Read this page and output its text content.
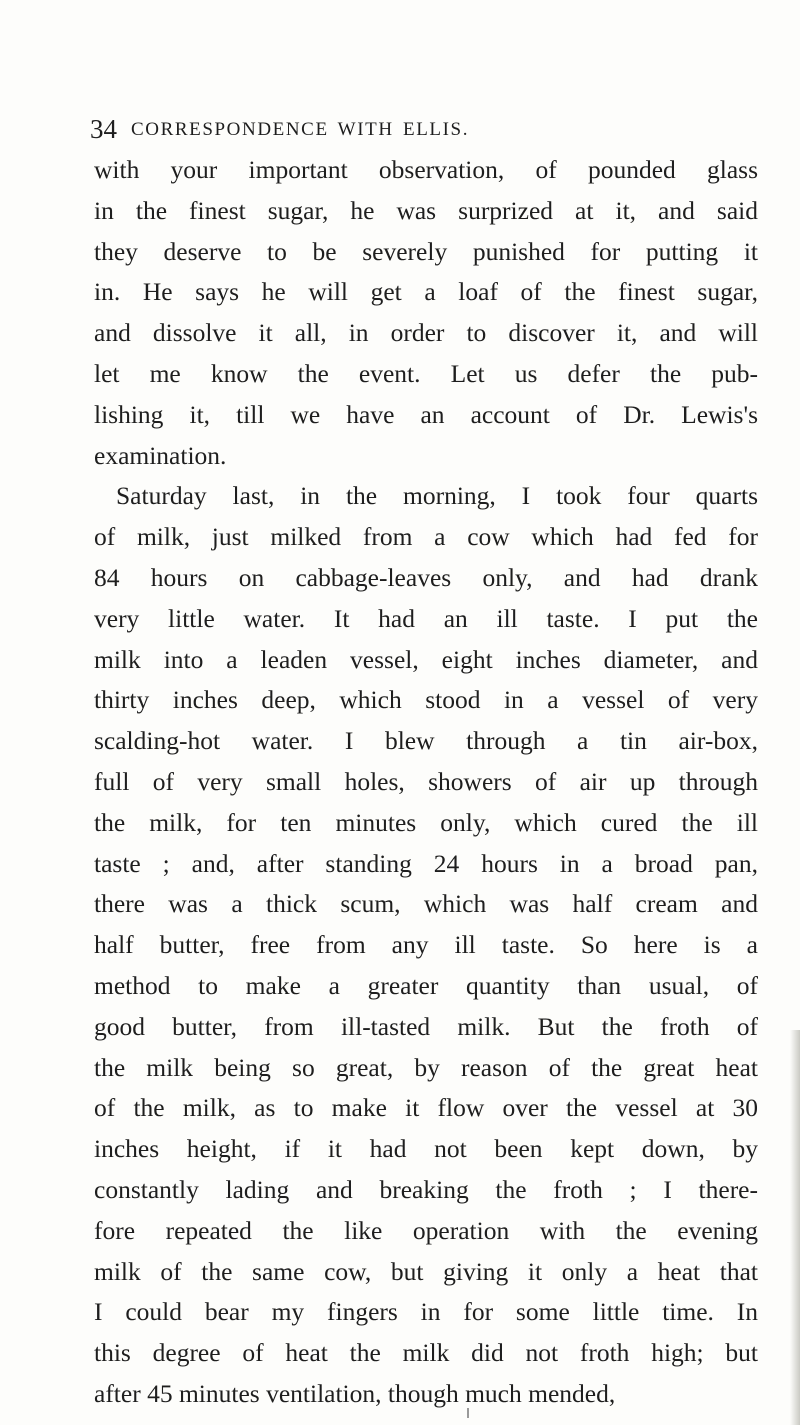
34 CORRESPONDENCE WITH ELLIS.
with your important observation, of pounded glass
in the finest sugar, he was surprized at it, and said
they deserve to be severely punished for putting it
in. He says he will get a loaf of the finest sugar,
and dissolve it all, in order to discover it, and will
let me know the event. Let us defer the pub-
lishing it, till we have an account of Dr. Lewis's
examination.
Saturday last, in the morning, I took four quarts
of milk, just milked from a cow which had fed for
84 hours on cabbage-leaves only, and had drank
very little water. It had an ill taste. I put the
milk into a leaden vessel, eight inches diameter, and
thirty inches deep, which stood in a vessel of very
scalding-hot water. I blew through a tin air-box,
full of very small holes, showers of air up through
the milk, for ten minutes only, which cured the ill
taste ; and, after standing 24 hours in a broad pan,
there was a thick scum, which was half cream and
half butter, free from any ill taste. So here is a
method to make a greater quantity than usual, of
good butter, from ill-tasted milk. But the froth of
the milk being so great, by reason of the great heat
of the milk, as to make it flow over the vessel at 30
inches height, if it had not been kept down, by
constantly lading and breaking the froth ; I there-
fore repeated the like operation with the evening
milk of the same cow, but giving it only a heat that
I could bear my fingers in for some little time. In
this degree of heat the milk did not froth high; but
after 45 minutes ventilation, though much mended,
